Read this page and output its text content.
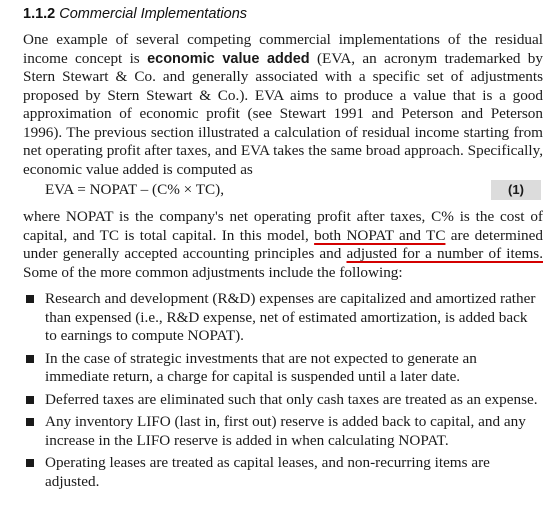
1.1.2 Commercial Implementations
One example of several competing commercial implementations of the residual income concept is economic value added (EVA, an acronym trademarked by Stern Stewart & Co. and generally associated with a specific set of adjustments proposed by Stern Stewart & Co.). EVA aims to produce a value that is a good approximation of economic profit (see Stewart 1991 and Peterson and Peterson 1996). The previous section illustrated a calculation of residual income starting from net operating profit after taxes, and EVA takes the same broad approach. Specifically, economic value added is computed as
EVA = NOPAT – (C% × TC),	(1)
where NOPAT is the company's net operating profit after taxes, C% is the cost of capital, and TC is total capital. In this model, both NOPAT and TC are determined under generally accepted accounting principles and adjusted for a number of items. Some of the more common adjustments include the following:
Research and development (R&D) expenses are capitalized and amortized rather than expensed (i.e., R&D expense, net of estimated amortization, is added back to earnings to compute NOPAT).
In the case of strategic investments that are not expected to generate an immediate return, a charge for capital is suspended until a later date.
Deferred taxes are eliminated such that only cash taxes are treated as an expense.
Any inventory LIFO (last in, first out) reserve is added back to capital, and any increase in the LIFO reserve is added in when calculating NOPAT.
Operating leases are treated as capital leases, and non-recurring items are adjusted.
